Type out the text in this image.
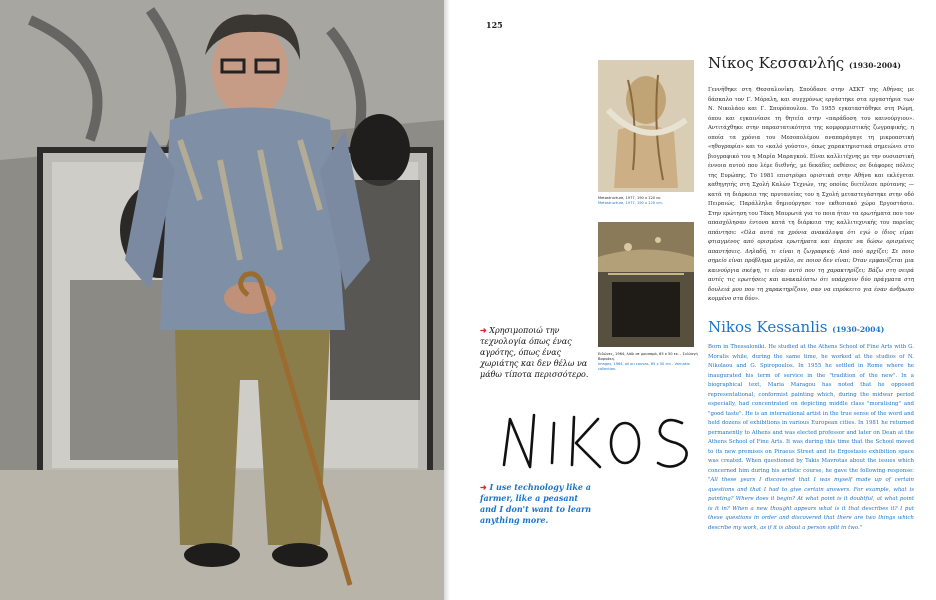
125
Metastructure, 1977, 190 x 120 εκ.
Metastructure, 1977, 190 x 120 cm.
Ειδώνες, 1964, λάδι σε μουσαμά, 65 x 50 εκ. - Συλλογή Βαρνάκη.
Images, 1964, oil on canvas, 65 x 50 cm - Varnakis collection.
➜ Χρησιμοποιώ την τεχνολογία όπως ένας αγρότης, όπως ένας χωριάτης και δεν θέλω να μάθω τίποτα περισσότερο.
➜ I use technology like a farmer, like a peasant and I don't want to learn anything more.
Νίκος Κεσσανλής (1930-2004)
Γεννήθηκε στη Θεσσαλονίκη. Σπούδασε στην ΑΣΚΤ της Αθήνας με δάσκαλο τον Γ. Μόραλη, και συγχρόνως εργάστηκε στα εργαστήρια των Ν. Νικολάου και Γ. Σπυρόπουλου. Το 1955 εγκαταστάθηκε στη Ρώμη, όπου και εγκαινίασε τη θητεία στην «παράδοση του καινούργιου». Αντιτάχθηκε στην παραστατικότητα της κομφορμιστικής ζωγραφικής, η οποία τα χρόνια του Μεσοπολέμου αναπαράγαγε τη μικροαστική «ηθογραφία» και το «καλό γούστο», όπως χαρακτηριστικά σημειώνει στο βιογραφικό του η Μαρία Μαραγκού. Είναι καλλιτέχνης με την ουσιαστική έννοια αυτού που λέμε διεθνής, με δεκάδες εκθέσεις σε διάφορες πόλεις της Ευρώπης. Το 1981 επιστρέφει οριστικά στην Αθήνα και εκλέγεται καθηγητής στη Σχολή Καλών Τεχνών, της οποίας διετέλεσε πρύτανης — κατά τη διάρκεια της πρυτανείας του η Σχολή μεταστεγάστηκε στην οδό Πειραιώς. Παράλληλα δημιούργησε τον εκθεσιακό χώρο Εργοστάσιο. Στην ερώτηση του Τάκη Μαυρωτά για το ποια ήταν τα ερωτήματα που τον απασχόλησαν έντονα κατά τη διάρκεια της καλλιτεχνικής του πορείας απάντησε: «Όλα αυτά τα χρόνια ανακάλυψα ότι εγώ ο ίδιος είμαι φτιαγμένος από ορισμένα ερωτήματα και έπρεπε να δώσω ορισμένες απαντήσεις. Δηλαδή, τι είναι η ζωγραφική; Από πού αρχίζει; Σε ποιο σημείο είναι πρόβλημα μεγάλο, σε ποιον δεν είναι; Όταν εμφανίζεται μια καινούργια σκέψη, τι είναι αυτό που τη χαρακτηρίζει; Βάζω στη σειρά αυτές τις ερωτήσεις και ανακαλύπτω ότι υπάρχουν δύο πράγματα στη δουλειά μου που τη χαρακτηρίζουν, σαν να επρόκειτο για έναν άνθρωπο κομμένο στα δύο».
Nikos Kessanlis (1930-2004)
Born in Thessaloniki. He studied at the Athens School of Fine Arts with G. Moralis while, during the same time, he worked at the studios of N. Nikolaou and G. Spiropoulos. In 1955 he settled in Rome where he inaugurated his term of service in the "tradition of the new". In a biographical text, Maria Maragou has noted that he opposed representational, conformist painting which, during the midwar period especially, had concentrated on depicting middle class "moralising" and "good taste". He is an international artist in the true sense of the word and held dozens of exhibitions in various European cities. In 1981 he returned permanently to Athens and was elected professor and later on Dean at the Athens School of Fine Arts. It was during this time that the School moved to its new premises on Piraeus Street and its Ergostasio exhibition space was created. When questioned by Takis Mavrotas about the issues which concerned him during his artistic course, he gave the following response: "All these years I discovered that I was myself made up of certain questions and that I had to give certain answers. For example, what is painting? Where does it begin? At what point is it doubtful, at what point is it in? When a new thought appears what is it that describes it? I put these questions in order and discovered that there are two things which describe my work, as if it is about a person split in two."
